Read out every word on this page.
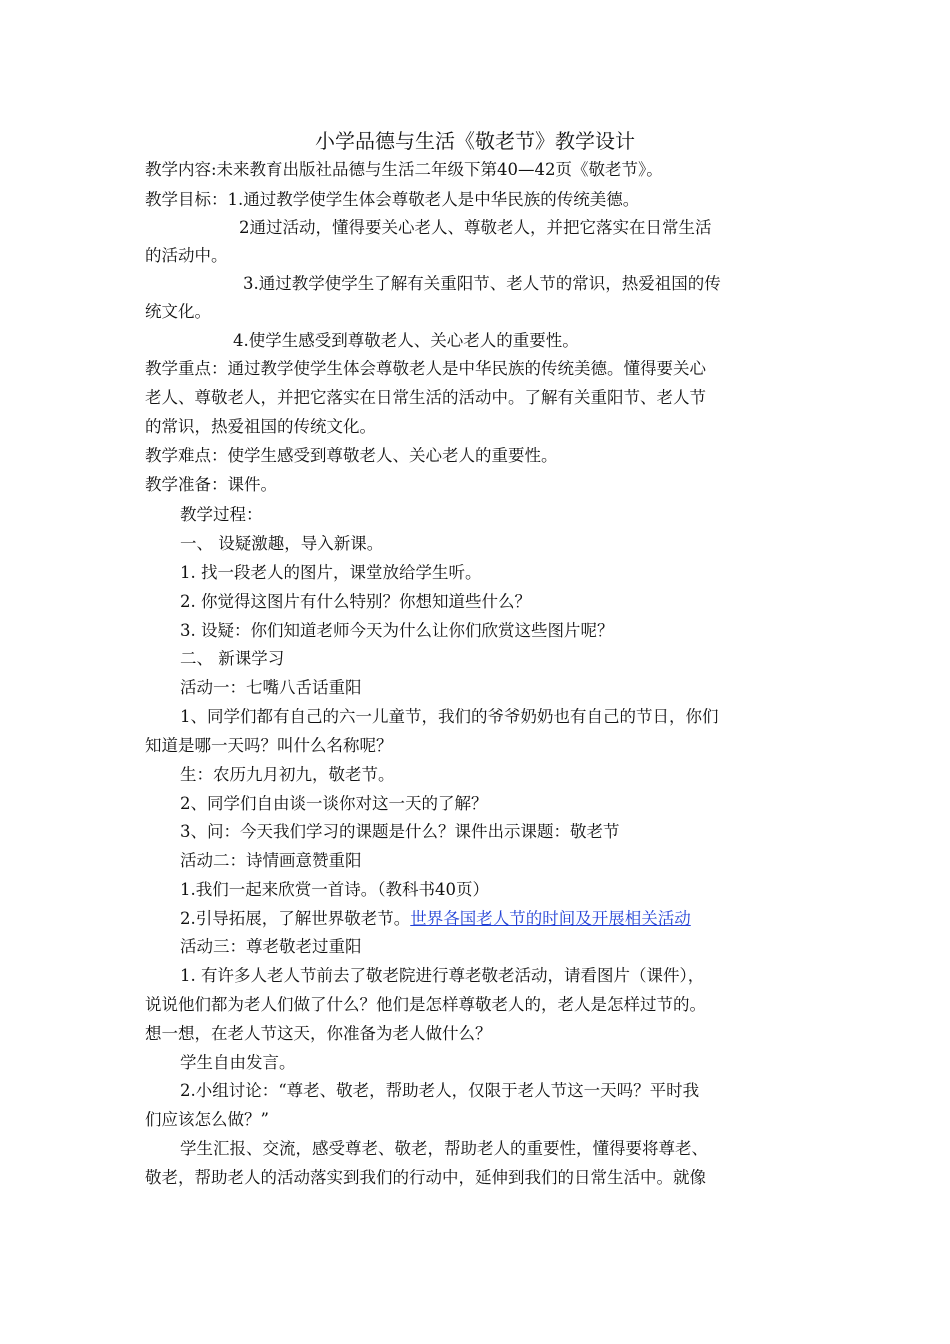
小学品德与生活《敬老节》教学设计
教学内容:未来教育出版社品德与生活二年级下第40—42页《敬老节》。
教学目标：1.通过教学使学生体会尊敬老人是中华民族的传统美德。
2通过活动，懂得要关心老人、尊敬老人，并把它落实在日常生活
的活动中。
3.通过教学使学生了解有关重阳节、老人节的常识，热爱祖国的传
统文化。
4.使学生感受到尊敬老人、关心老人的重要性。
教学重点：通过教学使学生体会尊敬老人是中华民族的传统美德。懂得要关心
老人、尊敬老人，并把它落实在日常生活的活动中。了解有关重阳节、老人节
的常识，热爱祖国的传统文化。
教学难点：使学生感受到尊敬老人、关心老人的重要性。
教学准备：课件。
教学过程：
一、 设疑激趣，导入新课。
1. 找一段老人的图片，课堂放给学生听。
2. 你觉得这图片有什么特别？你想知道些什么？
3. 设疑：你们知道老师今天为什么让你们欣赏这些图片呢？
二、 新课学习
活动一：七嘴八舌话重阳
1、同学们都有自己的六一儿童节，我们的爷爷奶奶也有自己的节日，你们
知道是哪一天吗？叫什么名称呢？
生：农历九月初九，敬老节。
2、同学们自由谈一谈你对这一天的了解？
3、问：今天我们学习的课题是什么？课件出示课题：敬老节
活动二：诗情画意赞重阳
1.我们一起来欣赏一首诗。（教科书40页）
2.引导拓展，了解世界敬老节。世界各国老人节的时间及开展相关活动
活动三：尊老敬老过重阳
1. 有许多人老人节前去了敬老院进行尊老敬老活动，请看图片（课件），
说说他们都为老人们做了什么？他们是怎样尊敬老人的，老人是怎样过节的。
想一想，在老人节这天，你准备为老人做什么？
学生自由发言。
2.小组讨论：“尊老、敬老，帮助老人，仅限于老人节这一天吗？平时我
们应该怎么做？”
学生汇报、交流，感受尊老、敬老，帮助老人的重要性，懂得要将尊老、
敬老，帮助老人的活动落实到我们的行动中，延伸到我们的日常生活中。就像
